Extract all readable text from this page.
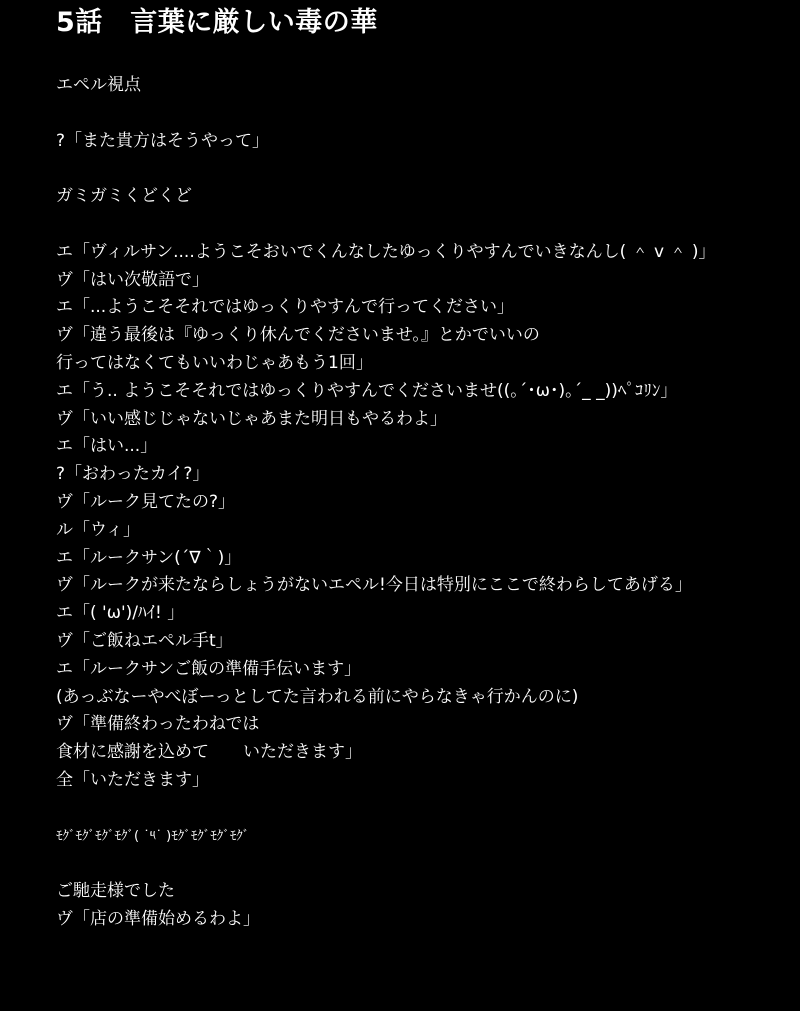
5話　言葉に厳しい毒の華
エペル視点
?「また貴方はそうやって」
ガミガミくどくど
エ「ヴィルサン....ようこそおいでくんなしたゆっくりやすんでいきなんし( ＾ v ＾ )」
ヴ「はい次敬語で」
エ「...ようこそそれではゆっくりやすんで行ってください」
ヴ「違う最後は『ゆっくり休んでくださいませ。』とかでいいの
行ってはなくてもいいわじゃあもう1回」
エ「う.. ようこそそれではゆっくりやすんでくださいませ((｡´･ω･)｡´_ _))ﾍﾟｺﾘﾝ」
ヴ「いい感じじゃないじゃあまた明日もやるわよ」
エ「はい...」
?「おわったカイ?」
ヴ「ルーク見てたの?」
ル「ウィ」
エ「ルークサン(´∇｀)」
ヴ「ルークが来たならしょうがないエペル!今日は特別にここで終わらしてあげる」
エ「( 'ω')/ﾊｲ! 」
ヴ「ご飯ねエペル手t」
エ「ルークサンご飯の準備手伝います」
(あっぶなーやべぼーっとしてた言われる前にやらなきゃ行かんのに)
ヴ「準備終わったわねでは
食材に感謝を込めて　　いただきます」
全「いただきます」
ﾓｸﾞﾓｸﾞﾓｸﾞﾓｸﾞ( ˙༥˙ )ﾓｸﾞﾓｸﾞﾓｸﾞﾓｸﾞ
ご馳走様でした
ヴ「店の準備始めるわよ」
